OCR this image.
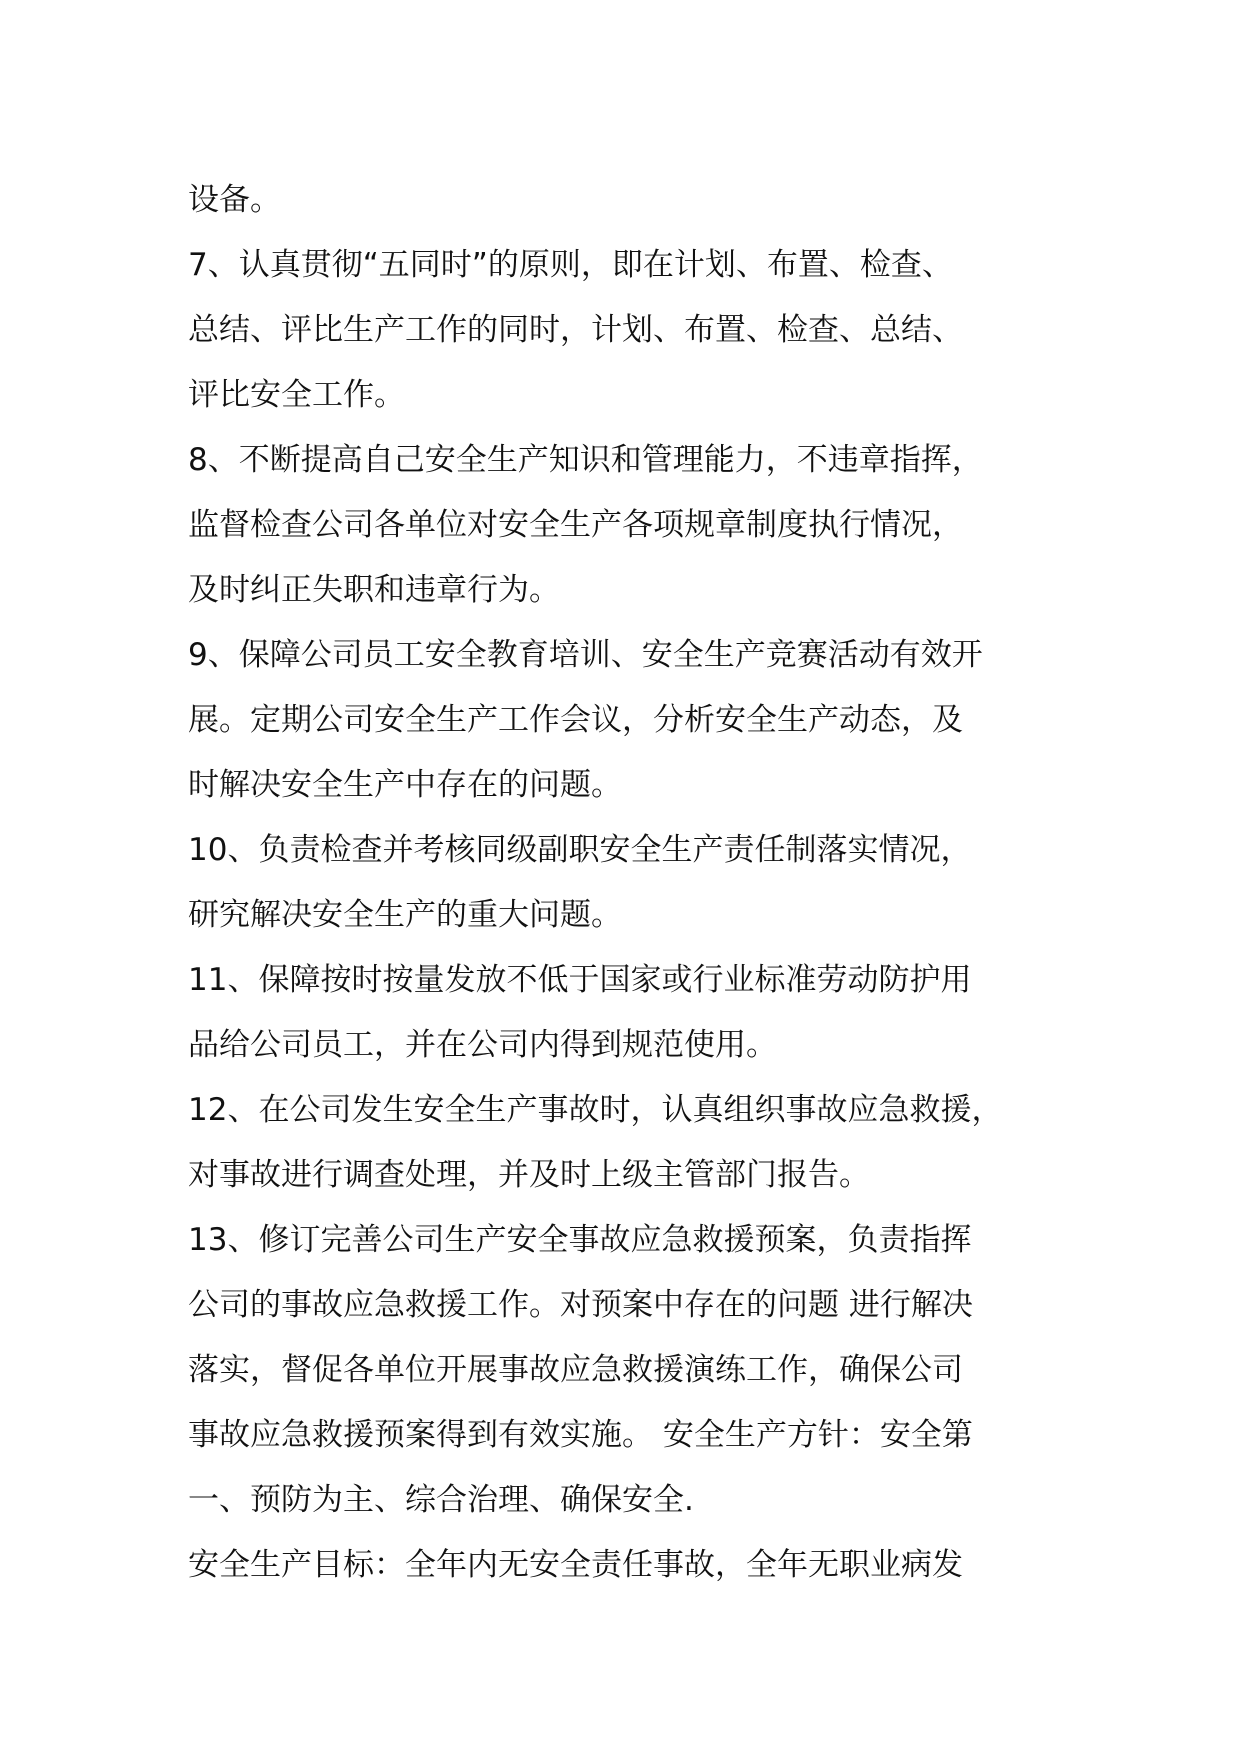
设备。
7、认真贯彻“五同时”的原则，即在计划、布置、检查、
总结、评比生产工作的同时，计划、布置、检查、总结、
评比安全工作。
8、不断提高自己安全生产知识和管理能力，不违章指挥，
监督检查公司各单位对安全生产各项规章制度执行情况，
及时纠正失职和违章行为。
9、保障公司员工安全教育培训、安全生产竞赛活动有效开
展。定期公司安全生产工作会议，分析安全生产动态，及
时解决安全生产中存在的问题。
10、负责检查并考核同级副职安全生产责任制落实情况，
研究解决安全生产的重大问题。
11、保障按时按量发放不低于国家或行业标准劳动防护用
品给公司员工，并在公司内得到规范使用。
12、在公司发生安全生产事故时，认真组织事故应急救援，
对事故进行调查处理，并及时上级主管部门报告。
13、修订完善公司生产安全事故应急救援预案，负责指挥
公司的事故应急救援工作。对预案中存在的问题 进行解决
落实，督促各单位开展事故应急救援演练工作，确保公司
事故应急救援预案得到有效实施。 安全生产方针：安全第
一、预防为主、综合治理、确保安全.
安全生产目标：全年内无安全责任事故，全年无职业病发
